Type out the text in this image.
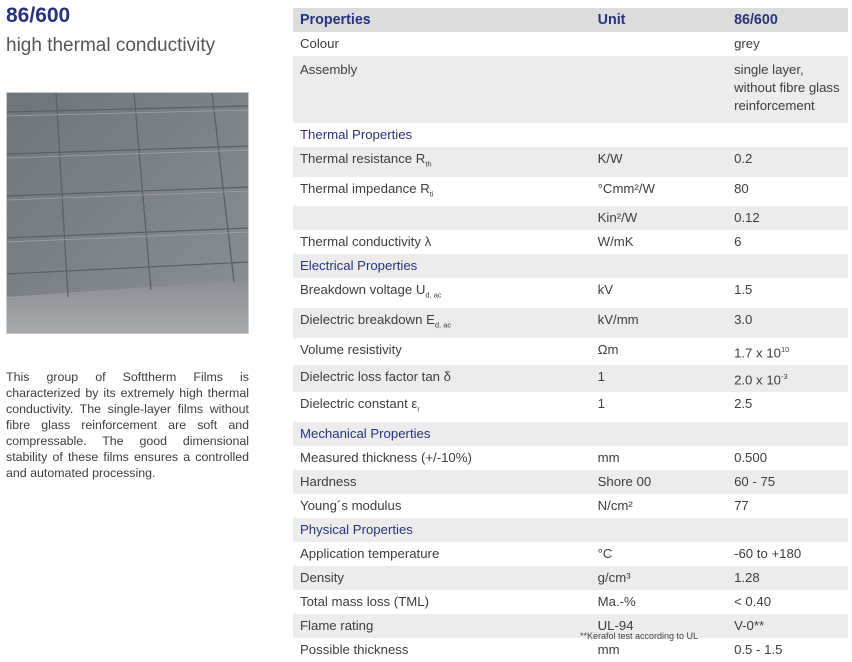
86/600
high thermal conductivity

This group of Softtherm Films is characterized by its extremely high thermal conductivity. The single-layer films without fibre glass reinforcement are soft and compressable. The good dimensional stability of these films ensures a controlled and automated processing.

Properties	Unit	86/600
Colour		grey
Assembly		single layer, without fibre glass reinforcement
Thermal Properties		
Thermal resistance $R_{th}$	K/W	0.2
Thermal impedance $R_{ti}$	°Cmm²/W	80
	Kin²/W	0.12
Thermal conductivity λ	W/mK	6
Electrical Properties		
Breakdown voltage $U_{d, ac}$	kV	1.5
Dielectric breakdown $E_{d, ac}$	kV/mm	3.0
Volume resistivity	Ωm	1.7 x $10^{10}$
Dielectric loss factor tan δ	1	2.0 x $10^{-3}$
Dielectric constant $\varepsilon_r$	1	2.5
Mechanical Properties		
Measured thickness (+/-10%)	mm	0.500
Hardness	Shore 00	60 - 75
Young´s modulus	N/cm²	77
Physical Properties		
Application temperature	°C	-60 to +180
Density	g/cm³	1.28
Total mass loss (TML)	Ma.-%	< 0.40
Flame rating	UL-94	V-0**
Possible thickness	mm	0.5 - 1.5
**Kerafol test according to UL
